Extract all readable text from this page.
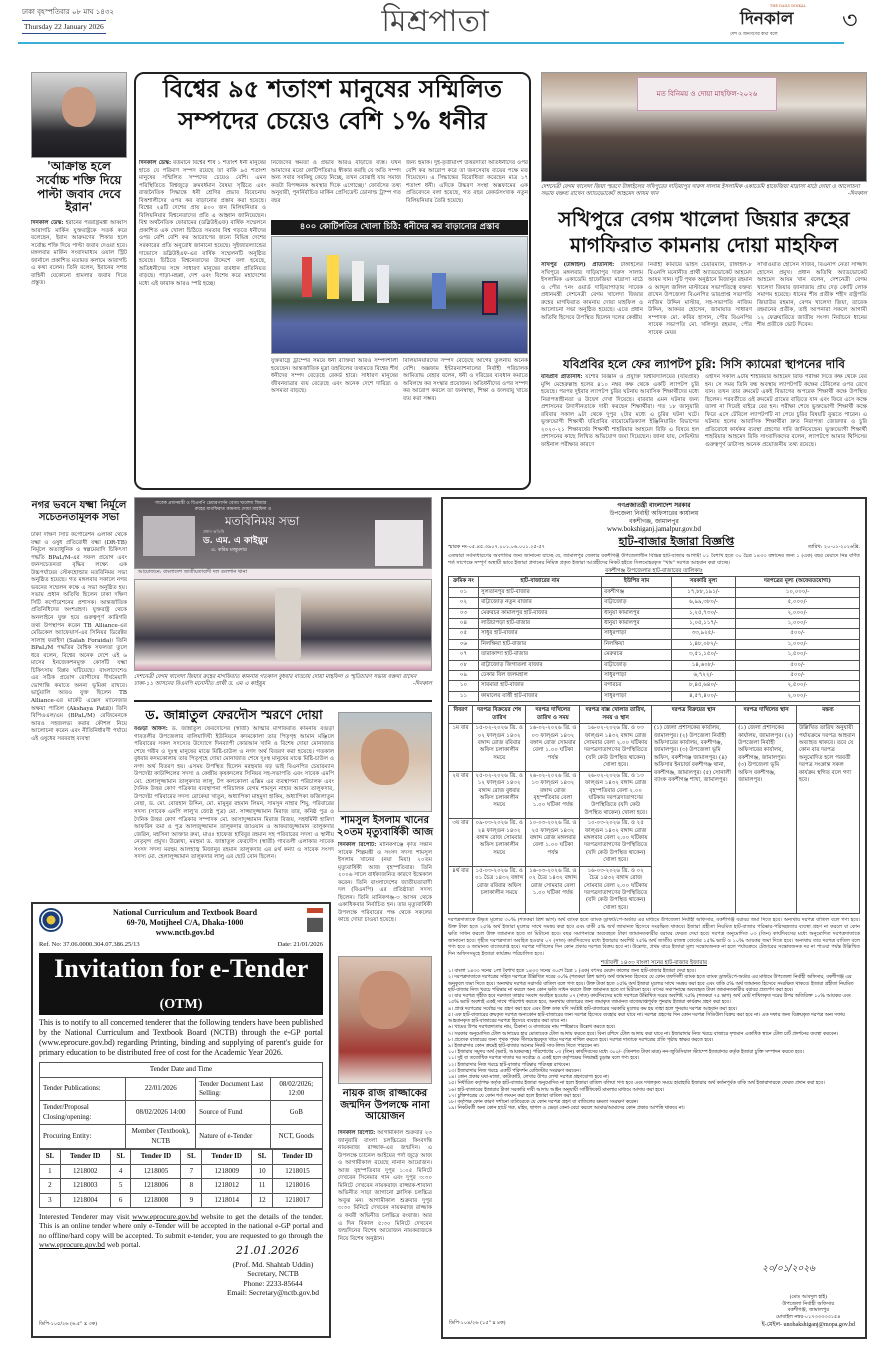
ঢাকা বৃহস্পতিবার ০৮ মাঘ ১৪৩২
Thursday 22 January 2026	মিশ্রপাতা	THE DAILY DINKAL
দিনকাল
দেশ ও জনগণের কথা বলে
৩
'আক্রান্ত হলে সর্বোচ্চ শক্তি দিয়ে পাল্টা জবাব দেবে ইরান'
দিনকাল ডেস্ক: ইরানের পররাষ্ট্রমন্ত্রী আব্বাস আরাগচি মার্কিন যুক্তরাষ্ট্রকে সতর্ক করে বলেছেন, ইরান আক্রমণের শিকার হলে সর্বোচ্চ শক্তি দিয়ে পাল্টা জবাব দেওয়া হবে। মঙ্গলবার মার্কিন সংবাদমাধ্যম ওয়াল স্ট্রিট জার্নালে প্রকাশিত মতামত কলামে আরাগচি এ কথা বলেন। তিনি বলেন, ইরানের সশস্ত্র বাহিনী যেকোনো হামলার জবাব দিতে প্রস্তুত।
বিশ্বের ৯৫ শতাংশ মানুষের সম্মিলিত
সম্পদের চেয়েও বেশি ১% ধনীর
দিনকাল ডেস্ক: বর্তমানে বিশ্বের শীর্ষ ১ শতাংশ ধনী মানুষের হাতে যে পরিমাণ সম্পদ রয়েছে তা বাকি ৯৫ শতাংশ মানুষের সম্মিলিত সম্পদের চেয়েও বেশি। এমন পরিস্থিতিতে বিশ্বজুড়ে ক্রমবর্ধমান বৈষম্য সৃষ্টিতে এবং রাজনৈতিক সিদ্ধান্তে ধনী শ্রেণির প্রভাব বিবেচনায় বিত্তশালীদের ওপর কর বাড়ানোর প্রস্তাব করা হয়েছে। বিশ্বের ২৪টি দেশের প্রায় ৪০০ জন মিলিয়নিয়ার ও বিলিয়নিয়ার বিশ্বনেতাদের প্রতি এ আহ্বান জানিয়েছেন। বিশ্ব অর্থনৈতিক ফোরামের (ডব্লিউইএফ) বার্ষিক সম্মেলনে প্রকাশিত এক খোলা চিঠিতে সমতার বিশ্ব গড়তে ধনীদের ওপর বেশি বেশি কর আরোপের জন্যে বিভিন্ন দেশের সরকারের প্রতি অনুরোধ জানানো হয়েছে। সুইজারল্যান্ডের দাভোসে ডব্লিউইএফ-এর বার্ষিক সম্মেলনটি অনুষ্ঠিত হয়েছে। চিঠিতে বিশ্বনেতাদের উদ্দেশে বলা হয়েছে, অতিধনীদের সঙ্গে সাধারণ মানুষের ব্যবধান প্রতিনিয়ত বাড়ছে। পাড়া-মহল্লা, দেশ এবং বিশেষ করে মহাদেশের মধ্যে এই ফারাক আরও স্পষ্ট হচ্ছে।
নিজেদের ক্ষমতা ও প্রভাব আরও বাড়াতে ব্যস্ত। যখন আমাদের মতো কোটিপতিরাও স্বীকার করছি যে অতি সম্পদ অন্য সবার সবকিছু কেড়ে নিচ্ছে, তখন বোঝাই যায় সমাজ কতটা বিপজ্জনক অবস্থার দিকে এগোচ্ছে।' ফোর্বসের তথ্য অনুযায়ী, পুনর্নির্বাচিত মার্কিন প্রেসিডেন্ট ডোনাল্ড ট্রাম্প গত বছর
জন্য হুমকি। দুই-তৃতীয়াংশ উত্তরদাতা অতিধনীদের ওপর বেশি কর আরোপ করে তা জনসেবায় ব্যয়ের পক্ষে মত দিয়েছেন। এ সিদ্ধান্তের বিরোধিতা করেছেন মাত্র ১৭ শতাংশ ধনী। এদিকে উদ্ধরণ সংস্থা অক্সফামের এক প্রতিবেদনে বলা হয়েছে, গত বছর রেকর্ডসংখ্যক নতুন বিলিয়নিয়ার তৈরি হয়েছে।
৪০০ কোটিপতির খোলা চিঠি: ধনীদের কর বাড়ানোর প্রস্তাব
যুক্তরাষ্ট্রে ট্রাম্পের সময়ে ধনী ব্যক্তিরা আরও সম্পদশালী হয়েছেন। আন্তর্জাতিক মুদ্রা তহবিলের তথ্যমতে বিশ্বের শীর্ষ ধনীদের সম্পদ বেড়েছে রেকর্ড হারে। সাধারণ মানুষের জীবনযাত্রার ব্যয় বেড়েছে এবং অনেক দেশে দারিদ্র্য ও অসমতা বাড়ছে।
বিলিয়নিয়ারদের সম্পদ বেড়েছে আগের তুলনায় অনেক বেশি। অক্সফাম ইন্টারন্যাশনালের নির্বাহী পরিচালক আমিতাভ বেহার বলেন, ধনী ও দরিদ্রের ব্যবধান কমাতে অবিলম্বে কর সংস্কার প্রয়োজন। অতিধনীদের ওপর সম্পদ কর আরোপ করলে তা জনস্বাস্থ্য, শিক্ষা ও জলবায়ু খাতে ব্যয় করা সম্ভব।
মত বিনিময় ও দোয়া মাহফিল-২০২৬
দেশনেত্রী বেগম খালেদা জিয়া স্মরণে টাঙ্গাইলের সখিপুরের দাড়িয়াপুর দারুস সালাম ইসলামিক একাডেমি হাফেজিয়া মাদ্রাসা মাঠে দোয়া ও আলোচনা সভায় বক্তব্য রাখেন অ্যাডভোকেট আহমেদ আযম খান	-দিনকাল
সখিপুরে বেগম খালেদা জিয়ার রুহের
মাগফিরাত কামনায় দোয়া মাহফিল
সখিপুর (টাঙ্গাইল) প্রতিনিধি: টাঙ্গাইলের সখিপুরে মঙ্গলবার দাড়িয়াপুর দারুস সালাম ইসলামিক একাডেমি হাফেজিয়া মাদ্রাসা মাঠে ও পৌর ৭নং ওয়ার্ড দাড়িয়াপাড়ায় সাবেক প্রধানমন্ত্রী দেশনেত্রী বেগম খালেদা জিয়ার রুহের মাগফিরাত কামনায় দোয়া মাহফিল ও আলোচনা সভা অনুষ্ঠিত হয়েছে। এতে প্রধান অতিথি হিসেবে উপস্থিত ছিলেন দলের কেন্দ্রীয়
নির্বাহী কমিটির ভাইস চেয়ারম্যান, টাঙ্গাইল-৮ বিএনপি মনোনীত প্রার্থী অ্যাডভোকেট আহমেদ আযম খান। দুটি পৃথক অনুষ্ঠানে মিজানুর রহমান ও আব্দুল জলিল মাস্টারের সভাপতিত্বে বক্তব্য রাখেন উপজেলা বিএনপির ভারপ্রাপ্ত সভাপতি নাজিম উদ্দিন মাস্টার, সহ-সভাপতি নাজিম উদ্দিন, আকবর হোসেন, জামায়াত সাধারণ সম্পাদক মো. কবির হাসান, পৌর বিএনপির সাবেক সভাপতি মো. খলিলুর রহমান, পৌর সাবেক মেয়র
সাখাওয়াত হোসেন সজিব, বিএনপি নেতা সাজ্জাদ হোসেন প্রমুখ। প্রধান অতিথি অ্যাডভোকেট আহমেদ আযম খান বলেন, দেশনেত্রী বেগম খালেদা জিয়ার জানাজায় প্রায় দেড় কোটি লোক সমাগম হয়েছে। ধানের শীষ প্রতীক শহীদ রাষ্ট্রপতি জিয়াউর রহমান, বেগম খালেদা জিয়া, তারেক রহমানের প্রতীক, তাই আপনারা সকলে আগামী ১২ ফেব্রুয়ারিতে জাতীয় সংসদ নির্বাচনে ধানের শীষ প্রতীকে ভোট দিবেন।
যবিপ্রবির হলে ফের ল্যাপটপ চুরি: সিসি ক্যামেরা স্থাপনের দাবি
যবিপ্রবি প্রতিনিধি: যশোর বিজ্ঞান ও প্রযুক্তি বিশ্ববিদ্যালয়ের (যবিপ্রবি) মুন্সি মেহেরুল্লাহ হলের ৪১০ নম্বর কক্ষ থেকে একটি ল্যাপটপ চুরি হয়েছে। পরপর দুইবার ল্যাপটপ চুরির ঘটনায় আবাসিক শিক্ষার্থীদের মধ্যে নিরাপত্তাহীনতা ও উদ্বেগ দেখা দিয়েছে। বারবার এমন ঘটনার জন্য প্রশাসনের উদাসীনতাকে দায়ী করছেন শিক্ষার্থীরা। গত ১৮ জানুয়ারি রবিবার সকাল ৯টা থেকে দুপুর ২টার মধ্যে এ চুরির ঘটনা ঘটে। ভুক্তভোগী শিক্ষার্থী যবিপ্রবির বায়োমেডিক্যাল ইঞ্জিনিয়ারিং বিভাগের ২০২০-২১ শিক্ষাবর্ষের শিক্ষার্থী শাহরিয়ার আহমেদ রিফি এ বিষয়ে হল প্রশাসনের কাছে লিখিত অভিযোগ জমা দিয়েছেন। জানা যায়, সেমিস্টার ফাইনাল পরীক্ষার কারণে
ওইদিন সকাল ৯টায় শাহরিয়ার আহমেদ রিফি পরীক্ষা দিতে কক্ষ থেকে বের হন। সে সময় তিনি বন্ধ অবস্থায় ল্যাপটপটি কক্ষের টেবিলের ওপর রেখে যান। তখন তার রুমমেট একই বিভাগের অপরেক শিক্ষার্থী কক্ষে উপস্থিত ছিলেন। পরবর্তীতে ওই রুমমেট গ্রামের বাড়িতে যান এবং ফিরে এসে কক্ষে তালা না দিয়েই বাইরে বের হন। পরীক্ষা শেষে ভুক্তভোগী শিক্ষার্থী কক্ষে ফিরে এসে টেবিলে ল্যাপটপটি না পেয়ে চুরির বিষয়টি বুঝতে পারেন। এ ঘটনায় হলের আবাসিক শিক্ষার্থীরা দ্রুত নিরাপত্তা জোরদার ও চুরি প্রতিরোধে কার্যকর ব্যবস্থা গ্রহণের দাবি জানিয়েছেন। ভুক্তভোগী শিক্ষার্থী শাহরিয়ার আহমেদ রিফি সাংবাদিকদের বলেন, ল্যাপটপে আমার থিসিসের গুরুত্বপূর্ণ ডাটাসহ অনেক প্রয়োজনীয় তথ্য রয়েছে।
নগর ভবনে যক্ষ্মা নির্মূলে সচেতনতামূলক সভা
ঢাকা দক্ষিণ সিটি কর্পোরেশন এলাকা থেকে যক্ষ্মা ও ওষুধ প্রতিরোধী যক্ষ্মা (DR-TB) নির্মূলে অত্যাধুনিক ও স্বল্পমেয়াদি চিকিৎসা পদ্ধতি BPaL/M-এর সফল প্রয়োগ এবং জনসচেতনতা বৃদ্ধির লক্ষ্যে এক উচ্চপর্যায়ের স্টেকহোল্ডার মতবিনিময় সভা অনুষ্ঠিত হয়েছে। গত মঙ্গলবার সকালে নগর ভবনের সম্মেলন কক্ষে এ সভা অনুষ্ঠিত হয়। সভায় প্রধান অতিথি ছিলেন ঢাকা দক্ষিণ সিটি কর্পোরেশনের প্রশাসক। আন্তর্জাতিক প্রতিনিধিদের অংশগ্রহণ। যুক্তরাষ্ট্র থেকে অনলাইনে যুক্ত হয়ে গুরুত্বপূর্ণ কারিগরি তথ্য উপস্থাপন করেন TB Alliance-এর মেডিকেল অ্যাফেয়ার্স-এর সিনিয়র ডিরেক্টর সালাহ ফরাইদা (Salah Foraida)। তিনি BPaL/M পদ্ধতির বৈশ্বিক সফলতা তুলে ধরে বলেন, বিশ্বের অনেক দেশে এই ৬ মাসের ইনজেকশনমুক্ত কোর্সটি যক্ষ্মা চিকিৎসায় বিপ্লব ঘটিয়েছে। বাংলাদেশেও এর সঠিক প্রয়োগ রোগীদের দীর্ঘমেয়াদি ভোগান্তি কমাতে অনন্য ভূমিকা রাখবে। ভার্চুয়ালি আরও যুক্ত ছিলেন TB Alliance-এর মার্কেট এক্সেস ম্যানেজার অক্ষয়া পাতিল (Akshaya Patil)। তিনি বিপিএএল/এম (BPaL/M) রেজিমেনকে আরও সহজলভ্য করার কৌশল নিয়ে আলোচনা করেন এবং নীতিনির্ধারণী পর্যায়ে এই ওষুধের সরবরাহ ব্যবস্থা
সাবেক প্রধানমন্ত্রী ও বিএনপি চেয়ারপার্সন বেগম খালেদা জিয়ার
রুহের মাগফিরাত কামনায় দোয়া মাহফিল ও
মতবিনিময় সভা
প্রধান অতিথি
ড. এম. এ কাইয়ুম
এ. করিম মজুমদার
আয়োজনে: বাংলাদেশ জাতীয়তাবাদী দল গুলশান থানা
দেশনেত্রী বেগম খালেদা জিয়ার রুহের মাগফিরাত কামনায় গতকাল বুধবার বাড্ডায় দোয়া মাহফিল ও স্মৃতিচারণ সভায় বক্তব্য রাখেন ঢাকা-১১ আসনের বিএনপি মনোনীত প্রার্থী ড. এম এ কাইয়ুম	-দিনকাল
ড. জান্নাতুল ফেরদৌস স্মরণে দোয়া
বগুড়া অফিস: ড. জান্নাতুল ফেরদৌসের (স্বাতী) আত্মার মাগফিরাত কামনায় বগুড়া গাবতলীর উপজেলার বালিয়াদিঘী ইউনিয়নে কদমকোলা তার পিতৃগৃহ আমান মঞ্জিলে পরিবারের সকল সদস্যের উদ্যোগে দিনব্যাপী কোরআন খানি ও বিশেষ দোয়া মোনাজাত শেষে গরীব ও দুঃস্থ মানুষের মাঝে মিষ্টি-চাউল ও নগদ অর্থ বিতরণ করা হয়েছে। গতকাল বুধবার কদমকোলায় তার পিতৃগৃহে দোয়া মোনাজাত শেষে দুঃস্থ মানুষের মাঝে মিষ্টি-চাউল ও নগদ অর্থ বিতরণ হয়। এসময় উপস্থিত ছিলেন মরহুমার বড় ভাই বিএনপির চেয়ারম্যান উপদেষ্টা কাউন্সিলের সদস্য ও কেন্দ্রীয় কৃষকদলের সিনিয়র সহ-সভাপতি এবং সাবেক এমপি মো. হেলালুজ্জামান তালুকদার লালু, টপ কলকোলা এক্সিম এর ব্যবস্থাপনা পরিচালক এবং দৈনিক উত্তর কোণ পত্রিকার ব্যবস্থাপনা পরিচালক বেগম শামসুন নাহার আমান তালুকদার, উপদেষ্টা পরিবারের সদস্য রোকেয়া খাতুন, অধ্যাপিকা মাহমুদা হাকিম, অধ্যাপিকা ফজিলাতুন নেছা, ড. মো. বোরহান উদ্দিন, মো. মামুনুর রহমান লিমন, সামসুন নাহার শিমু, পরিবারের সদস্য (সাবেক এমপি লালু'র জ্যেষ্ঠ পুত্র) মো. সাজ্জাদুজ্জামান মিরাজ তার, কনিষ্ঠ পুত্র ও দৈনিক উত্তর কোণ পত্রিকার সম্পাদক মো. আসাদুজ্জামান মিরাজ বিজয়, সহধর্মিনী হামিদা আফরিন তমা ও পুত্র আলজুজ্জামান তালুকদার জাওয়ান ও আফরাজুজ্জামান তালুকদার জেরিন, মহসিনা আক্তার রুমা, মাওঃ হাফেজ হাবিবুর রহমান সহ পরিবারের সদস্য ও স্থানীয় নেতৃবৃন্দ প্রমুখ। উল্লেখ্য, মরহুমা ড. জান্নাতুল ফেরদৌস (স্বাতী) গাবতলী এলাকার সাবেক সংসদ সদস্য মরহুম আলহাজ্ব মিজানুর রহমান তালুকদার এর ৪র্থ কন্যা ও সাবেক সংসদ সদস্য মো. হেলালুজ্জামান তালুকদার লালু এর ছোট বোন ছিলেন।
শামসুল ইসলাম খানের ২০তম মৃত্যুবার্ষিকী আজ
দিনকাল রিপোর্ট: মানিকগঞ্জে কৃতি সন্তান সাবেক শিল্পমন্ত্রী ও সংসদ সদস্য শামসুল ইসলাম খানের (নয়া মিয়া) ২০তম মৃত্যুবার্ষিকী আজ বৃহস্পতিবার। তিনি ২০০৬ সালে বার্ধক্যজনিত কারণে ইন্তেকাল করেন। তিনি বাংলাদেশের জাতীয়তাবাদী দল (বিএনপি) এর প্রতিষ্ঠাতা সদস্য ছিলেন। তিনি মানিকগঞ্জ-৩ আসন থেকে একাধিকবার নির্বাচিত হন। তার মৃত্যুবার্ষিকী উপলক্ষে পরিবারের পক্ষ থেকে সকলের কাছে দোয়া চাওয়া হয়েছে।
নায়ক রাজ রাজ্জাকের জন্মদিন উপলক্ষে নানা আয়োজন
দিনকাল রিপোর্ট: আগামীকাল শুক্রবার ২৩ জানুয়ারি বাংলা চলচ্চিত্রের কিংবদন্তি নায়করাজ রাজ্জাক-এর জন্মদিন। এ উপলক্ষে চ্যানেল আইয়ের পর্দা জুড়ে আজ ও আগামীকাল রয়েছে নানান আয়োজন। আজ বৃহস্পতিবার দুপুর ১:০৫ মিনিটে দেখবেন সিনেমার গান এবং দুপুর ৩:৩০ মিনিটে দেখবেন নায়করাজ রাজ্জাক-শাবানা অভিনীত সাড়া জাগানো ক্লাসিক চলচ্চিত্র অবুঝ মন। আগামীকাল শুক্রবার দুপুর ৩:৩০ মিনিটে দেখবেন নায়করাজ রাজ্জাক ও কবরী অভিনীত চলচ্চিত্র রংবাজ। আর এ দিন বিকাল ৫:৩০ মিনিটে দেখবেন জন্মদিনের বিশেষ আয়োজন নায়করাজকে নিয়ে বিশেষ অনুষ্ঠান।
National Curriculum and Textbook Board
69-70, Motijheel C/A, Dhaka-1000
www.nctb.gov.bd
Ref. No: 37.06.0000.304.07.386.25/13	Date: 21/01/2026
Invitation for e-Tender (OTM)
This is to notify to all concerned tenderer that the following tenders have been published by the National Curriculum and Textbook Board (NCTB) through the e-GP portal (www.eprocure.gov.bd) regarding Printing, binding and supplying of parent's guide for primary education to be distributed free of cost for the Academic Year 2026.
Tender Date and Time			
Tender Publications:	22/01/2026	Tender Document Last Selling:	08/02/2026; 12:00
Tender/Proposal Closing/opening:	08/02/2026 14:00	Source of Fund	GoB
Procuring Entity:	Member (Textbook), NCTB	Nature of e-Tender	NCT, Goods
SL	Tender ID	SL	Tender ID	SL	Tender ID	SL	Tender ID
1	1218002	4	1218005	7	1218009	10	1218015
2	1218003	5	1218006	8	1218012	11	1218016
3	1218004	6	1218008	9	1218014	12	1218017
Interested Tenderer may visit www.eprocure.gov.bd website to get the details of the tender. This is an online tender where only e-Tender will be accepted in the national e-GP portal and no offline/hard copy will be accepted. To submit e-tender, you are requested to go through the www.eprocure.gov.bd web portal.	21.01.2026
(Prof. Md. Shahtab Uddin)
Secretary, NCTB
Phone: 2233-85644
Email: Secretary@nctb.gov.bd
ডিপি-১০৫/২৬ (৬.৫" x ৩ক)
গণপ্রজাতন্ত্রী বাংলাদেশ সরকার
উপজেলা নির্বাহী অফিসারের কার্যালয়
বকশীগঞ্জ, জামালপুর
www.bokshiganj.jamalpur.gov.bd
স্মারক নং-০৫.৪৫.৩৯০৭.০০১.০৬.০০১.২৫-৫৭	হাট-বাজার ইজারা বিজ্ঞপ্তি	তারিখ: ২০-০১-২০২৬খ্রি.
এতদ্বারা সর্বসাধারণের অবগতির জন্য জানানো যাচ্ছে যে, জামালপুর জেলার বকশীগঞ্জ উপজেলাধীন বিভিন্ন হাট-বাজার আগামী ০১ বৈশাখ হতে ৩০ চৈত্র ১৪৩৩ বঙ্গাব্দের জন্য ১ (এক) বছর মেয়াদে নিম্ন বর্ণিত শর্ত সাপেক্ষে সম্পূর্ণ অস্থায়ী ভাবে ইজারা প্রদানের নিমিত্ত প্রকৃত ইজারা আগ্রহীদের নিকট হইতে সিলমোহরকৃত "খাম" দরপত্র আহবান করা যাচ্ছে।
বকশীগঞ্জ উপজেলার হাট-বাজারের তালিকাঃ
ক্রমিক নং	হাট-বাজারের নাম	ইউপির নাম	সরকারি মূল্য	দরপত্রের মূল্য (অফেরতযোগ্য)
০১	সুলতানপুর হাট-বাজার	বকশীগঞ্জ	১৭,৮৮,১৯১/-	১০,০০০/-
০২	বাট্টাজোড় নতুন বাজার	বাট্টাজোড়	৬,৯৯,৩৮০/-	৫,০০০/-
০৩	মেরুরচর কামালপুর হাট-বাজার	ধানুয়া কামালপুর	১,২৫,৭৩০/-	২,০০০/-
০৪	লাউচাপড়া হাট-বাজার	ধানুয়া কামালপুর	১,০৫,১১৭/-	১,০০০/-
০৫	সাধুর হাট-বাজার	সাধুরপাড়া	৩৩,৯২৫/-	৫০০/-
০৬	নিলক্ষিয়া হাট-বাজার	নিলক্ষিয়া	১,৪৮,০৮২/-	১,০০০/-
০৭	তারাকান্দা হাট-বাজার	মেরুরচর	৩,৫১,১৫০/-	১,৫০০/-
০৮	বাট্টাজোড় জিগাতলা বাজার	বাট্টাজোড়	১৪,৬০৮/-	৫০০/-
০৯	ঢেকার বিল জলমহাল	সাধুরপাড়া	৬,৭২২/-	৫০০/-
১০	সারমারা হাট-বাজার	বগারচর	৮,৪৫,৬৪০/-	২,৫০০/-
১১	কামালের বার্ত্তী হাট-বাজার	সাধুরপাড়া	৪,৫৭,৪০০/-	২,০০০/-
বিবরণ	দরপত্র বিক্রয়ের শেষ তারিখ	দরপত্র দাখিলের তারিখ ও সময়	দরপত্র বাক্স খোলার তারিখ, সময় ও স্থান	দরপত্র বিক্রয়ের স্থান	দরপত্র দাখিলের স্থান	মন্তব্য
১ম বার	১৫-০২-২০২৬ খ্রি. ও ০২ ফাল্গুন ১৪৩২ বঙ্গাব্দ রোজ রবিবার অফিস চলাকালীন সময়ে	১৬-০২-২০২৬ খ্রি. ও ০৩ ফাল্গুন ১৪৩২ বঙ্গাব্দ রোজ সোমবার বেলা ১.০০ ঘটিকা পর্যন্ত	১৬-০২-২০২৬ খ্রি. ও ০৩ ফাল্গুন ১৪৩২ বঙ্গাব্দ রোজ সোমবার বেলা ২.০০ ঘটিকায় দরপত্রদাতাগণের উপস্থিতিতে (যদি কেউ উপস্থিত থাকেন) খোলা হবে।	(১) জেলা প্রশাসকের কার্যালয়, জামালপুর। (২) উপজেলা নির্বাহী অফিসারের কার্যালয়, বকশীগঞ্জ, জামালপুর। (৩) উপজেলা ভূমি অফিস, বকশীগঞ্জ জামালপুর। (৪) অফিসার ইনচার্জ বকশীগঞ্জ থানা, বকশীগঞ্জ, জামালপুর। (৫) সোনালী ব্যাংক বকশীগঞ্জ শাখা, জামালপুর।	(১) জেলা প্রশাসকের কার্যালয়, জামালপুর। (২) উপজেলা নির্বাহী অফিসারের কার্যালয়, বকশীগঞ্জ, জামালপুর। (৩) উপজেলা ভূমি অফিস বকশীগঞ্জ, জামালপুর।	উল্লিখিত তারিখ অনুযায়ী পর্যায়ক্রমে দরপত্র আহবান অব্যাহত থাকবে। তবে যে কোন বার দরপত্র অনুমোদিত হলে পরবর্তী দরপত্র সংক্রান্ত সকল কার্যক্রম স্থগিত বলে গণ্য হবে।
২য় বার	২৫-০২-২০২৬ খ্রি. ও ১২ ফাল্গুন ১৪৩২ বঙ্গাব্দ রোজ বুধবার অফিস চলাকালীন সময়ে	২৬-০২-২০২৬ খ্রি. ও ১৩ ফাল্গুন ১৪৩২ বঙ্গাব্দ রোজ বৃহস্পতিবার বেলা ১.০০ ঘটিকা পর্যন্ত	২৬-০২-২০২৬ খ্রি. ও ১৩ ফাল্গুন ১৪৩২ বঙ্গাব্দ রোজ বৃহস্পতিবার বেলা ২.০০ ঘটিকায় দরপত্রদাতাগণের উপস্থিতিতে (যদি কেউ উপস্থিত থাকেন) খোলা হবে।			
৩য় বার	০৯-০৩-২০২৬ খ্রি. ও ২৪ ফাল্গুন ১৪৩২ বঙ্গাব্দ রোজ সোমবার অফিস চলাকালীন সময়ে	১০-০৩-২০২৬ খ্রি. ও ২৫ ফাল্গুন ১৪৩২ বঙ্গাব্দ রোজ মঙ্গলবার বেলা ১.০০ ঘটিকা পর্যন্ত	১০-০৩-২০২৬ খ্রি. ও ২৫ ফাল্গুন ১৪৩২ বঙ্গাব্দ রোজ মঙ্গলবার বেলা ২.০০ ঘটিকায় দরপত্রদাতাগণের উপস্থিতিতে (যদি কেউ উপস্থিত থাকেন) খোলা হবে।			
৪র্থ বার	১৫-০৩-২০২৬ খ্রি. ও ০১ চৈত্র ১৪৩২ বঙ্গাব্দ রোজ রবিবার অফিস চলাকালীন সময়ে	১৬-০৩-২০২৬ খ্রি. ও ০২ চৈত্র ১৪৩২ বঙ্গাব্দ রোজ সোমবার বেলা ১.০০ ঘটিকা পর্যন্ত	১৬-০৩-২০২৬ খ্রি. ও ০২ চৈত্র ১৪৩২ বঙ্গাব্দ রোজ সোমবার বেলা ২.০০ ঘটিকায় দরপত্রদাতাগণের উপস্থিতিতে (যদি কেউ উপস্থিত থাকেন) খোলা হবে।			
দরপত্রদাতাকে উদ্ধৃত মূল্যের ৩০% (শতকরা ত্রিশ ভাগ) অর্থ ব্যাংক হতে ব্যাংক ড্রাফট/পে-অর্ডার এর মাধ্যমে উপজেলা নির্বাহী অফিসার, বকশীগঞ্জ বরাবর জমা দিতে হবে। অন্যথায় দরপত্র বাতিল বলে গণ্য হবে। উক্ত টাকা হতে ২৫% অর্থ ইজারা মূল্যের সাথে সমন্বয় করা হবে এবং বাকী ৫% অর্থ জামানত হিসেবে সংরক্ষিত থাকবে। ইজারা গ্রহীতা নিয়মিত হাট-বাজার পরিষ্কার-পরিচ্ছন্নতার ব্যবস্থা গ্রহণ না করলে বা কোন ক্ষতি সাধন করলে উক্ত জামানত হতে তা মিটানো হবে। বছর সমাপনান্তে অব্যবহৃত টাকা জামানতকারীর বরাবর ফেরত দেয়া হবে। দরপত্র অনুমোদিত ০৩ (তিন) কার্যদিবসের মধ্যে অনুমোদিত দরপত্রদাতাকে জানানো হবে। গৃহীত দরপত্রদাতা অবহিত হওয়ার ০৭ (সাত) কার্যদিবসের মধ্যে ইজারার অবশিষ্ট ৭৫% অর্থ জাতীয় রাজস্ব বোর্ডের ১৫% ভ্যাট ও ১০% আয়কর জমা দিতে হবে। অন্যথায় তার দরপত্র বাতিল বলে গণ্য হবে ও জামানত বাজেয়াপ্ত হবে। দরপত্র দাখিলের দিন কোন প্রকার দরপত্র বিক্রয় হবে না। উল্লেখ্য, প্রথম বারে ইজারা মূল্য সন্তোষজনক না হলে পর্যায়ক্রমে টেন্ডারের সন্তোষজনক দর না পাওয়া পর্যন্ত উল্লিখিত দিন অফিসসমূহে ইজারা কার্যক্রম পরিচালিত হবে।
শর্তাবলী ১৪৩৩ বাংলা সনের হাট-বাজার ইজারার
১। বাংলা ১৪৩৩ সনের ১লা বৈশাখ হতে ১৪৩৩ সনের ৩০শে চৈত্র ১ (এক) বৎসর মেয়াদ কালের জন্য হাট-বাজার ইজারা দেয়া হবে।
২। দরপত্রদাতাকে দরপত্রের সহিত দরপত্রে উল্লিখিত দরের ৩০% (শতকরা ত্রিশ ভাগ) অর্থ জামানত হিসেবে যে কোন তফসিলী ব্যাংক হতে ব্যাংক ড্রাফট/পে-অর্ডার এর মাধ্যমে উপজেলা নির্বাহী অফিসার, বকশীগঞ্জ এর অনুকূলে জমা দিতে হবে। অন্যথায় দরপত্র সরাসরি বাতিল বলে গণ্য হবে। উক্ত টাকা হতে ২৫% অর্থ ইজারা মূল্যের সাথে সমন্বয় করা হবে এবং বাকি ৫% অর্থ জামানত হিসেবে সংরক্ষিত থাকবে। ইজারা গ্রহীতা নিয়মিত হাট-বাজার নিজ খরচে পরিষ্কার না করলে অন্য কোন ক্ষতি সাধন করলে উক্ত জামানত হতে তা মিটানো হবে। বৎসর সমাপনান্তে অব্যবহৃত টাকা জামানতকারীর বরাবর প্রত্যর্পণ করা হবে।
৩। যার দরপত্র গৃহীত হবে দরদাতা তাহার সংবাদ অবহিত হওয়ার ০৭ (সাত) কার্যদিবসের মধ্যে দরপত্রে উল্লিখিত দরের অবশিষ্ট ৭৫% (শতকরা ৭৫ ভাগ) অর্থ মোট দাখিলকৃত দরের উপর অতিরিক্ত ১০% আয়কর এবং ১৫% ভ্যাট অবশ্যই একই সাথে পরিশোধ করতে হবে, অন্যথায় বাজারের জন্য জমাকৃত জামানত বাজেয়াপ্তপূর্বক পুনরায় ইজারা কার্যক্রম গ্রহণ করা হবে।
৪। প্রাপ্ত দরপত্রের সর্বোচ্চ দর গ্রহণ করা হবে এবং উক্ত ডাক যদি সংশ্লিষ্ট হাট-বাজারের সরকারি মূল্যের কম হয় তাহা হলে পুনরায় দরপত্র আহবান করা হবে।
৫। এক হাট-বাজারের ক্রয়কৃত দরপত্র অন্যকোন হাট-বাজারের জন্য দরপত্র হিসেবে ব্যবহার করা যাবে না। দরপত্র গ্রহণের দিন কোন দরপত্র সিডিউল বিক্রয় করা হবে না। এক দফার জন্য বিক্রয়কৃত দরপত্র অন্য দফায় আহবানকৃত হাট-বাজারের দরপত্র হিসেবে ব্যবহার করা যাবে না।
৬। খামের উপর দরপত্রদাতার নাম, ঠিকানা ও বাজারের নাম স্পষ্টভাবে উল্লেখ করতে হবে।
৭। সরকার অনুমোদিত টোল আদায়ের হার মোতাবেক টোল আদায় করতে হবে। বিনা রশিদে টোল আদায় করা যাবে না। ইজারাদার নিজ খরচে বাজারে দৃশ্যমান একাধিক স্থানে টোল চার্ট প্রদর্শনের ব্যবস্থা করবেন।
৮। প্রত্যেক বাজারের জন্য পৃথক পৃথক সীলমোহরকৃত খামে দরপত্র দাখিল করতে হবে। দরপত্র দাতাকে দরপত্রের প্রতি পৃষ্ঠায় স্বাক্ষর করতে হবে।
৯। ইজারাদার কোন ক্রমেই হাট-বাজার অন্যের নিকট সাব-লিজ দিতে পারবেন না।
১০। ইজারার সমুদয় অর্থ (ভ্যাট, আয়করসহ) পরিশোধের ০৩ (তিন) কার্যদিবসের মধ্যে ৩০০/- (তিনশত টাকা মাত্র) নন-জুডিসিয়াল স্ট্যাম্পে ইজারাদার কর্তৃক ইজারা চুক্তি সম্পাদন করতে হবে।
১১। দুই বা ততোধিক দরপত্র দাতার দর সর্বোচ্চ ও একই হলে কর্তৃপক্ষের সিদ্ধান্তই চূড়ান্ত বলে গণ্য হবে।
১২। ইজারাদার নিজ খরচে হাট-বাজার পরিষ্কার পরিচ্ছন্ন রাখবেন।
১৩। ইজারাদার নিজ খরচে একটি পরিদর্শন রেজিস্টার সংরক্ষণ করবেন।
১৪। কোন প্রকার ঘষা-মাজা, কাটাকাটি, লেখার উপর লেখা দরপত্র গ্রহণযোগ্য হবে না।
১৫। নির্ধারিত কর্তৃপক্ষ কর্তৃক হাট-বাজার ইজারা অনুমোদিত না হলে ইজারা বাতিল বলিয়া গণ্য হবে এবং দখলকৃত সময়ে হারাহারি ইজারার অর্থ কর্তনপূর্বক বাকি অর্থ ইজারাদারকে ফেরত প্রদান করা হবে।
১৬। হাট-বাজারের ইজারার টাকা সরকারি দাবী আদায় আইন অনুযায়ী সার্টিফিকেট মামলার মাধ্যমে আদায় করা হবে।
১৭। চুক্তিপত্রের যে কোন শর্ত লংঘন করা হলে ইজারা বাতিল করা হবে।
১৮। কর্তৃপক্ষ কোন কারণ দর্শানো ব্যতিরেকে যে কোন দরপত্র গ্রহণ বা বাতিলের ক্ষমতা সংরক্ষণ করেন।
১৯। নিকটবর্তী অন্য কোন হাটে গরু, মহিষ, ছাগল ও ভেড়া কেনা-বেচা করলে আমার/আমাদের কোন প্রকার আপত্তি থাকবে না।
২০/০১/২০২৬
(মোঃ আবদুল হাই)
উপজেলা নির্বাহী অফিসার
বকশীগঞ্জ, জামালপুর
মোবাইল নম্বর-০১৭৩৩৩৩৩১৫৪
ই-মেইল- unobakshiganj@mopa.gov.bd
ডিপি-১০৪/২৬ (১৫" x ৪ক)
